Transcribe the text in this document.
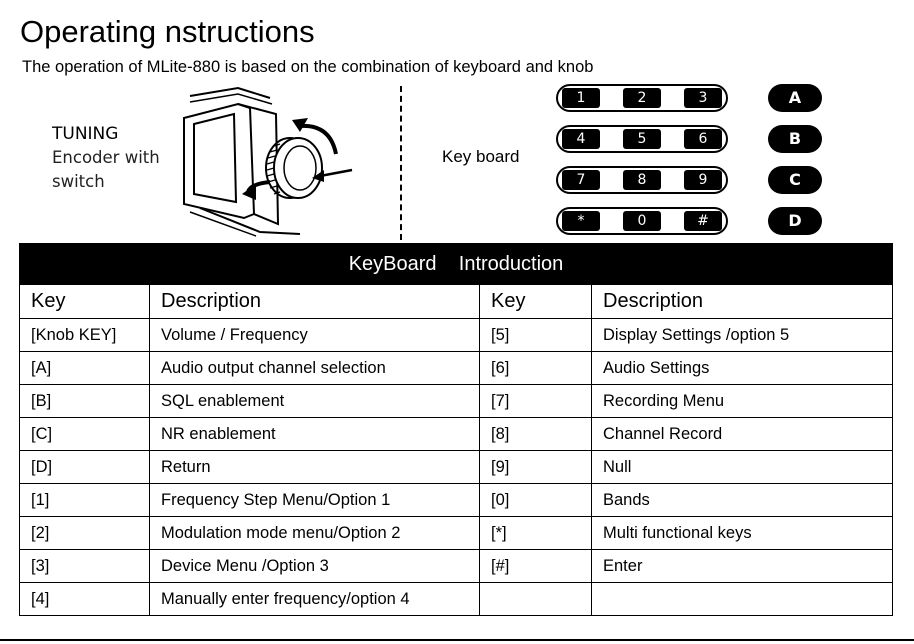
Operating nstructions
The operation of MLite-880 is based on the combination of keyboard and knob
TUNING
Encoder with
switch
Key board
1	2	3
4	5	6
7	8	9
*	0	#
A
B
C
D
KeyBoard    Introduction			
Key	Description	Key	Description
[Knob KEY]	Volume / Frequency	[5]	Display Settings /option 5
[A]	Audio output channel selection	[6]	Audio Settings
[B]	SQL enablement	[7]	Recording Menu
[C]	NR enablement	[8]	Channel Record
[D]	Return	[9]	Null
[1]	Frequency Step Menu/Option 1	[0]	Bands
[2]	Modulation mode menu/Option 2	[*]	Multi functional keys
[3]	Device Menu /Option 3	[#]	Enter
[4]	Manually enter frequency/option 4		
